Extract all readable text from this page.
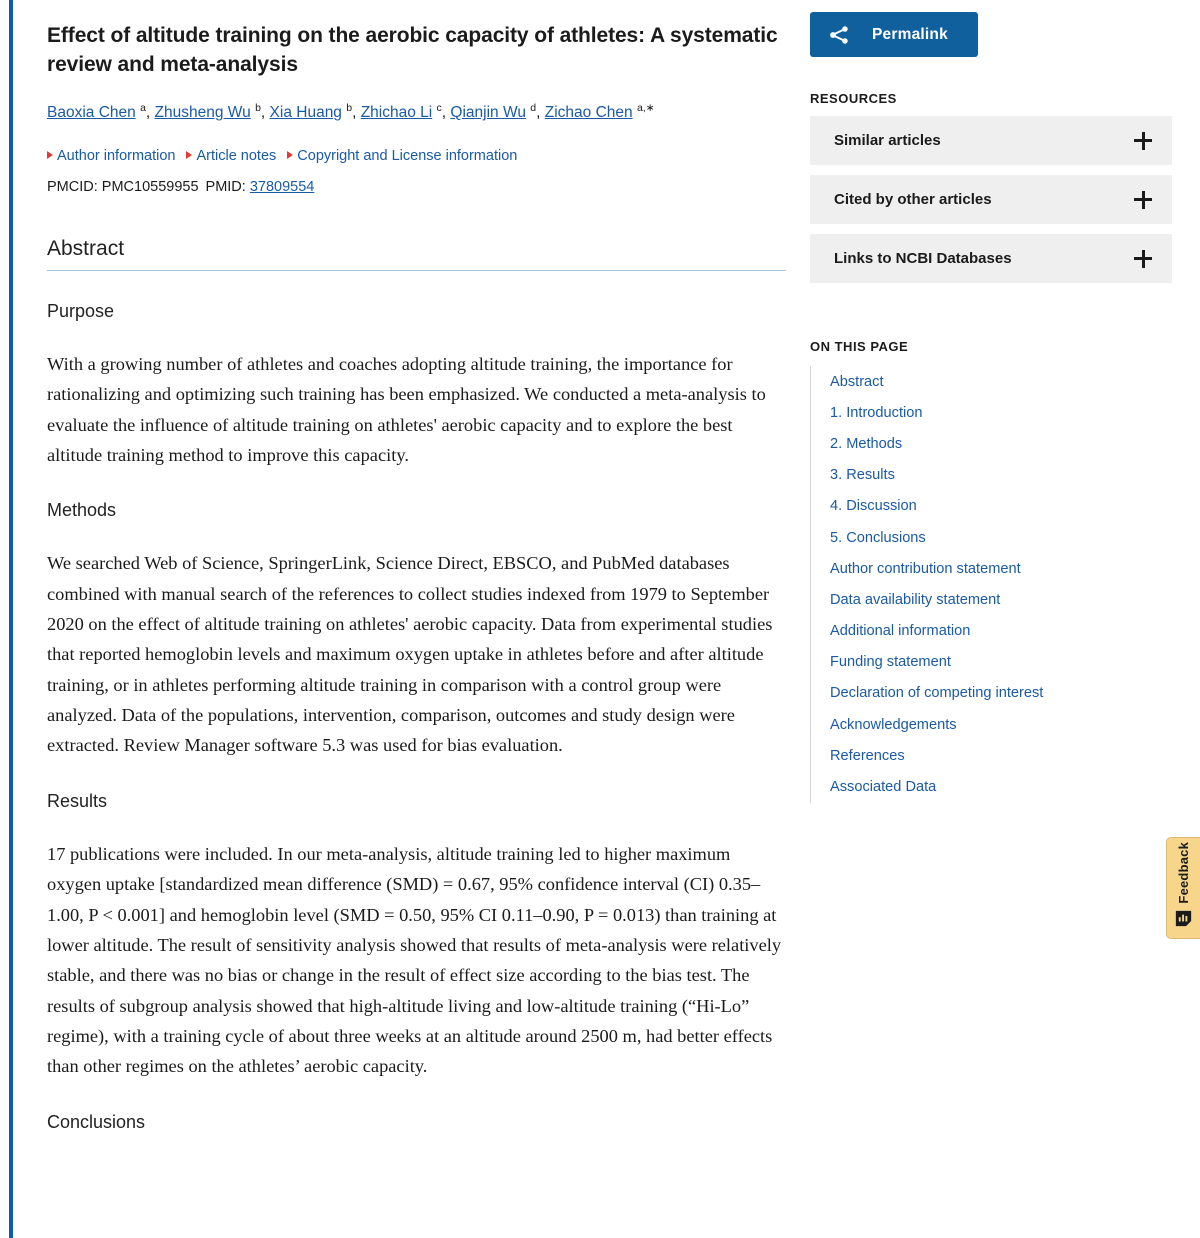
Effect of altitude training on the aerobic capacity of athletes: A systematic review and meta-analysis
Baoxia Chen $^a$, Zhusheng Wu $^b$, Xia Huang $^b$, Zhichao Li $^c$, Qianjin Wu $^d$, Zichao Chen $^{a,∗}$
Author information Article notes Copyright and License information
PMCID: PMC10559955 PMID: 37809554
Abstract
Purpose

With a growing number of athletes and coaches adopting altitude training, the importance for rationalizing and optimizing such training has been emphasized. We conducted a meta-analysis to evaluate the influence of altitude training on athletes' aerobic capacity and to explore the best altitude training method to improve this capacity.

Methods

We searched Web of Science, SpringerLink, Science Direct, EBSCO, and PubMed databases combined with manual search of the references to collect studies indexed from 1979 to September 2020 on the effect of altitude training on athletes' aerobic capacity. Data from experimental studies that reported hemoglobin levels and maximum oxygen uptake in athletes before and after altitude training, or in athletes performing altitude training in comparison with a control group were analyzed. Data of the populations, intervention, comparison, outcomes and study design were extracted. Review Manager software 5.3 was used for bias evaluation.

Results

17 publications were included. In our meta-analysis, altitude training led to higher maximum oxygen uptake [standardized mean difference (SMD) = 0.67, 95% confidence interval (CI) 0.35–1.00, P < 0.001] and hemoglobin level (SMD = 0.50, 95% CI 0.11–0.90, P = 0.013) than training at lower altitude. The result of sensitivity analysis showed that results of meta-analysis were relatively stable, and there was no bias or change in the result of effect size according to the bias test. The results of subgroup analysis showed that high-altitude living and low-altitude training (“Hi-Lo” regime), with a training cycle of about three weeks at an altitude around 2500 m, had better effects than other regimes on the athletes’ aerobic capacity.

Conclusions
Permalink
RESOURCES
Similar articles
Cited by other articles
Links to NCBI Databases
ON THIS PAGE
Abstract
1. Introduction
2. Methods
3. Results
4. Discussion
5. Conclusions
Author contribution statement
Data availability statement
Additional information
Funding statement
Declaration of competing interest
Acknowledgements
References
Associated Data
Feedback
